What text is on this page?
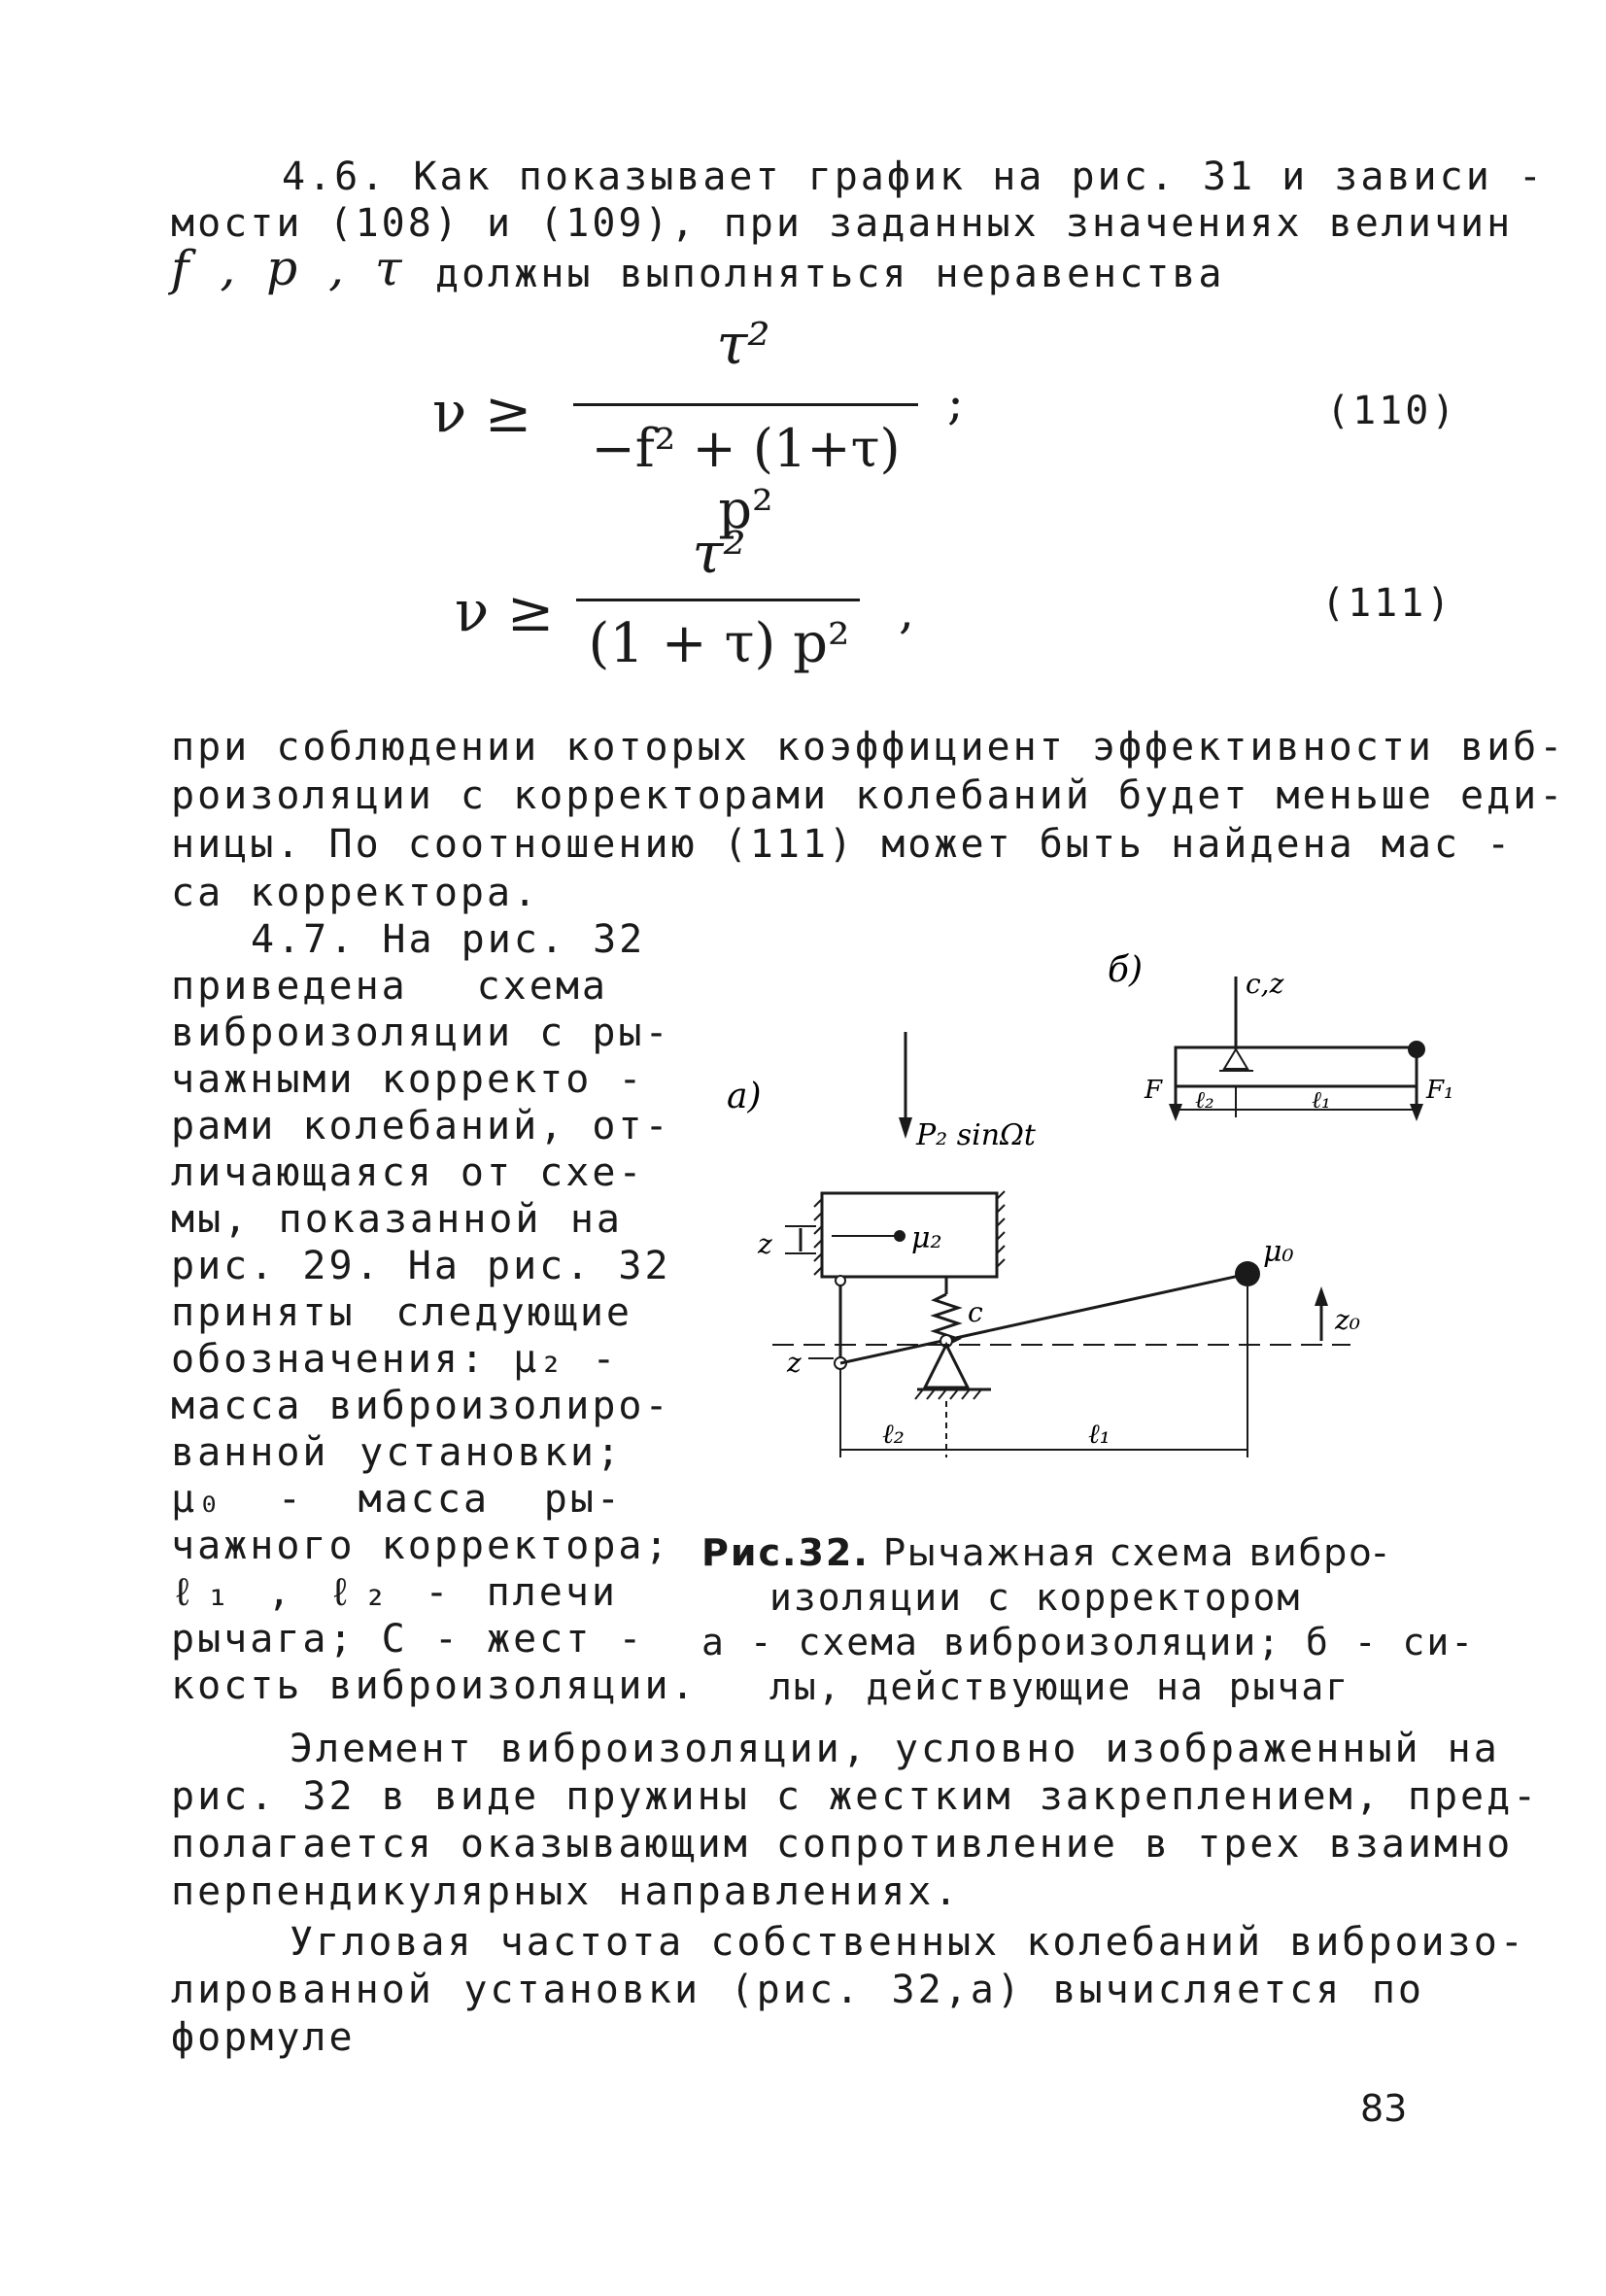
4.6. Как показывает график на рис. 31 и зависи -
мости (108) и (109), при заданных значениях величин
f , p , τ должны выполняться неравенства
ν ≥
τ²
−f² + (1+τ) p²
;	(110)
ν ≥
τ²
(1 + τ) p²
,	(111)
при соблюдении которых коэффициент эффективности виб-
роизоляции с корректорами колебаний будет меньше еди-
ницы. По соотношению (111) может быть найдена мас -
са корректора.
4.7. На рис. 32
приведена схема
виброизоляции с ры-
чажными корректо -
рами колебаний, от-
личающаяся от схе-
мы, показанной на
рис. 29. На рис. 32
приняты следующие
обозначения: μ₂ -
масса виброизолиро-
ванной установки;
μ₀ - масса ры-
чажного корректора;
ℓ₁ , ℓ₂ - плечи
рычага; C - жест -
кость виброизоляции.
а)
б)
P₂ sinΩt
μ₂
z
c
z
μ₀
z₀
ℓ₂	ℓ₁
c,z
F₁
F ℓ₂	ℓ₁
Рис.32. Рычажная схема вибро-
изоляции с корректором
а - схема виброизоляции; б - си-
лы, действующие на рычаг
Элемент виброизоляции, условно изображенный на
рис. 32 в виде пружины с жестким закреплением, пред-
полагается оказывающим сопротивление в трех взаимно
перпендикулярных направлениях.
Угловая частота собственных колебаний виброизо-
лированной установки (рис. 32,а) вычисляется по
формуле
83
